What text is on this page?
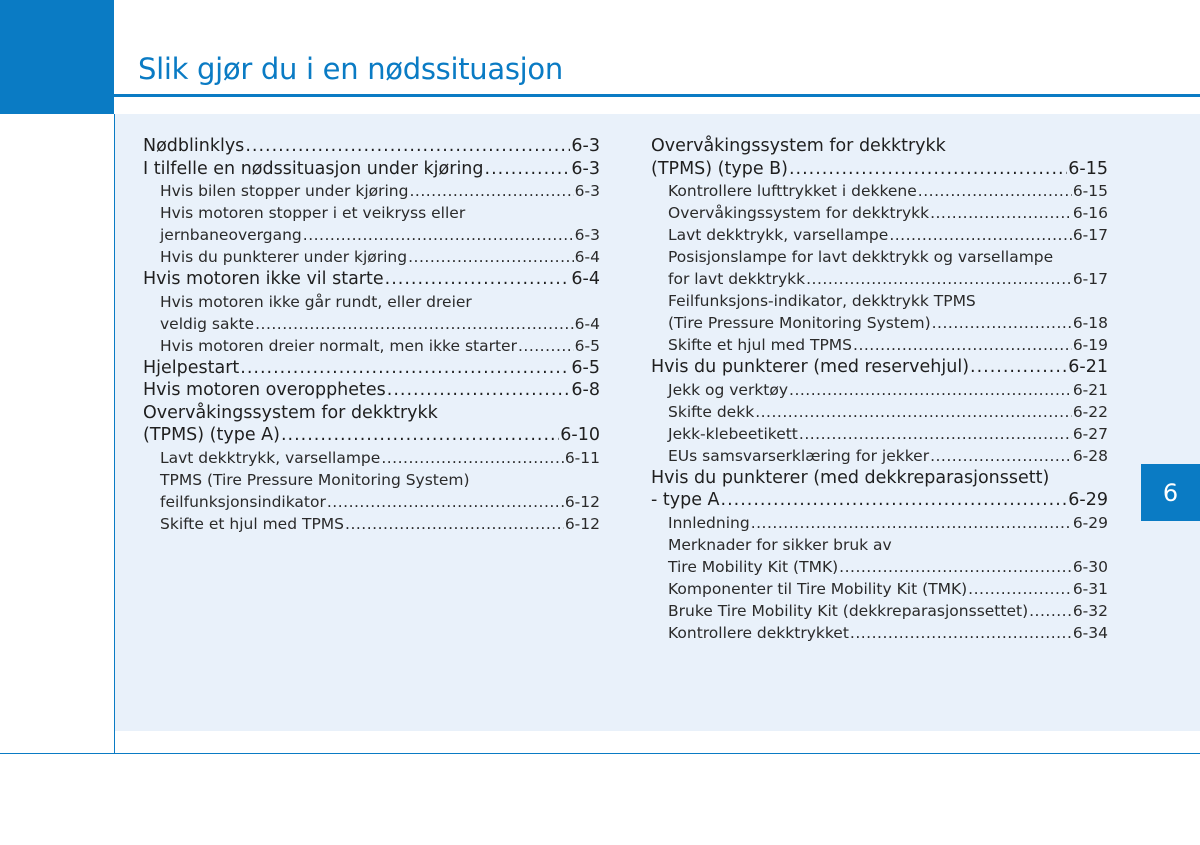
Slik gjør du i en nødssituasjon
6
Nødblinklys .....	6-3
I tilfelle en nødssituasjon under kjøring .....	6-3
Hvis bilen stopper under kjøring .....	6-3
Hvis motoren stopper i et veikryss eller
jernbaneovergang .....	6-3
Hvis du punkterer under kjøring .....	6-4
Hvis motoren ikke vil starte .....	6-4
Hvis motoren ikke går rundt, eller dreier
veldig sakte .....	6-4
Hvis motoren dreier normalt, men ikke starter .....	6-5
Hjelpestart .....	6-5
Hvis motoren overopphetes .....	6-8
Overvåkingssystem for dekktrykk
(TPMS) (type A) .....	6-10
Lavt dekktrykk, varsellampe .....	6-11
TPMS (Tire Pressure Monitoring System)
feilfunksjonsindikator .....	6-12
Skifte et hjul med TPMS .....	6-12
Overvåkingssystem for dekktrykk
(TPMS) (type B) .....	6-15
Kontrollere lufttrykket i dekkene .....	6-15
Overvåkingssystem for dekktrykk .....	6-16
Lavt dekktrykk, varsellampe .....	6-17
Posisjonslampe for lavt dekktrykk og varsellampe
for lavt dekktrykk .....	6-17
Feilfunksjons-indikator, dekktrykk TPMS
(Tire Pressure Monitoring System) .....	6-18
Skifte et hjul med TPMS .....	6-19
Hvis du punkterer (med reservehjul) .....	6-21
Jekk og verktøy .....	6-21
Skifte dekk .....	6-22
Jekk-klebeetikett .....	6-27
EUs samsvarserklæring for jekker .....	6-28
Hvis du punkterer (med dekkreparasjonssett)
- type A .....	6-29
Innledning .....	6-29
Merknader for sikker bruk av
Tire Mobility Kit (TMK) .....	6-30
Komponenter til Tire Mobility Kit (TMK) .....	6-31
Bruke Tire Mobility Kit (dekkreparasjonssettet) .....	6-32
Kontrollere dekktrykket .....	6-34
